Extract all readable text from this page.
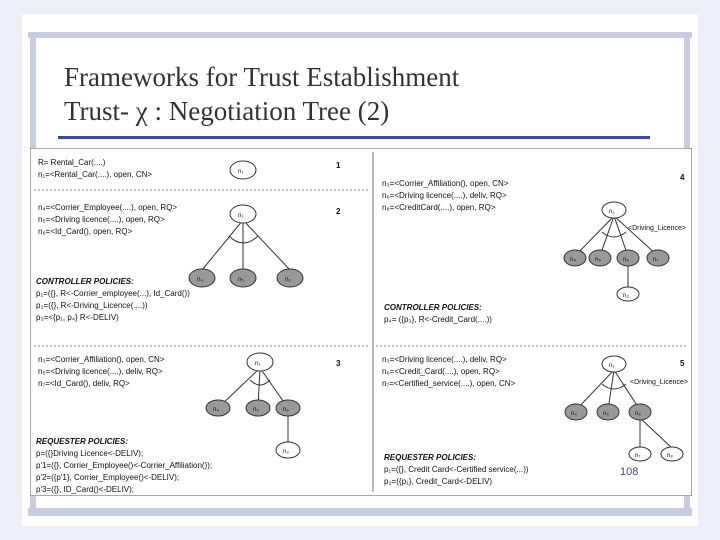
Frameworks for Trust Establishment
Trust- χ : Negotiation Tree (2)
R= Rental_Car(....)
n₁=<Rental_Car(....), open, CN>
1
n₁
n₄=<Corrier_Employee(....), open, RQ>
n₅=<Driving licence(....), open, RQ>
n₆=<Id_Card(), open, RQ>
2
CONTROLLER POLICIES:
p₁=({}, R<-Corrier_employee(...), Id_Card())
p₂=({}, R<-Driving_Licence(....))
p₃=<{p₁, p₄} R<-DELIV)
n₁
n₄	n₅	n₆
n₃=<Corrier_Affiliation(), open, CN>
n₅=<Driving licence(....), deliv, RQ>
n₇=<Id_Card(), deliv, RQ>
3
REQUESTER POLICIES:
p=({}Driving Licence<-DELIV);
p'1=({}, Corrier_Employee()<-Corrier_Affiliation());
p'2=({p'1}, Corrier_Employee()<-DELIV);
p'3=({}, ID_Card()<-DELIV);
n₁
n₄	n₅	n₆
n₃
n₃=<Corrier_Affiliation(), open, CN>
n₆=<Driving licence(....), deliv, RQ>
n₈=<CreditCard(....), open, RQ>
4
CONTROLLER POLICIES:
p₄= ({p₃}, R<-Credit_Card(....))
<Driving_Licence>
n₁
n₄	n₅	n₆	n₇
n₃
n₃=<Driving licence(....), deliv, RQ>
n₆=<Credit_Card(....), open, RQ>
n₇=<Certified_service(....), open, CN>
5
REQUESTER POLICIES:
p₁=({}, Credit Card<-Certified service(...))
p₂=({p₁}, Credit_Card<-DELIV)
<Driving_Licence>
n₁
n₄	n₅	n₆
n₇	n₈
108
